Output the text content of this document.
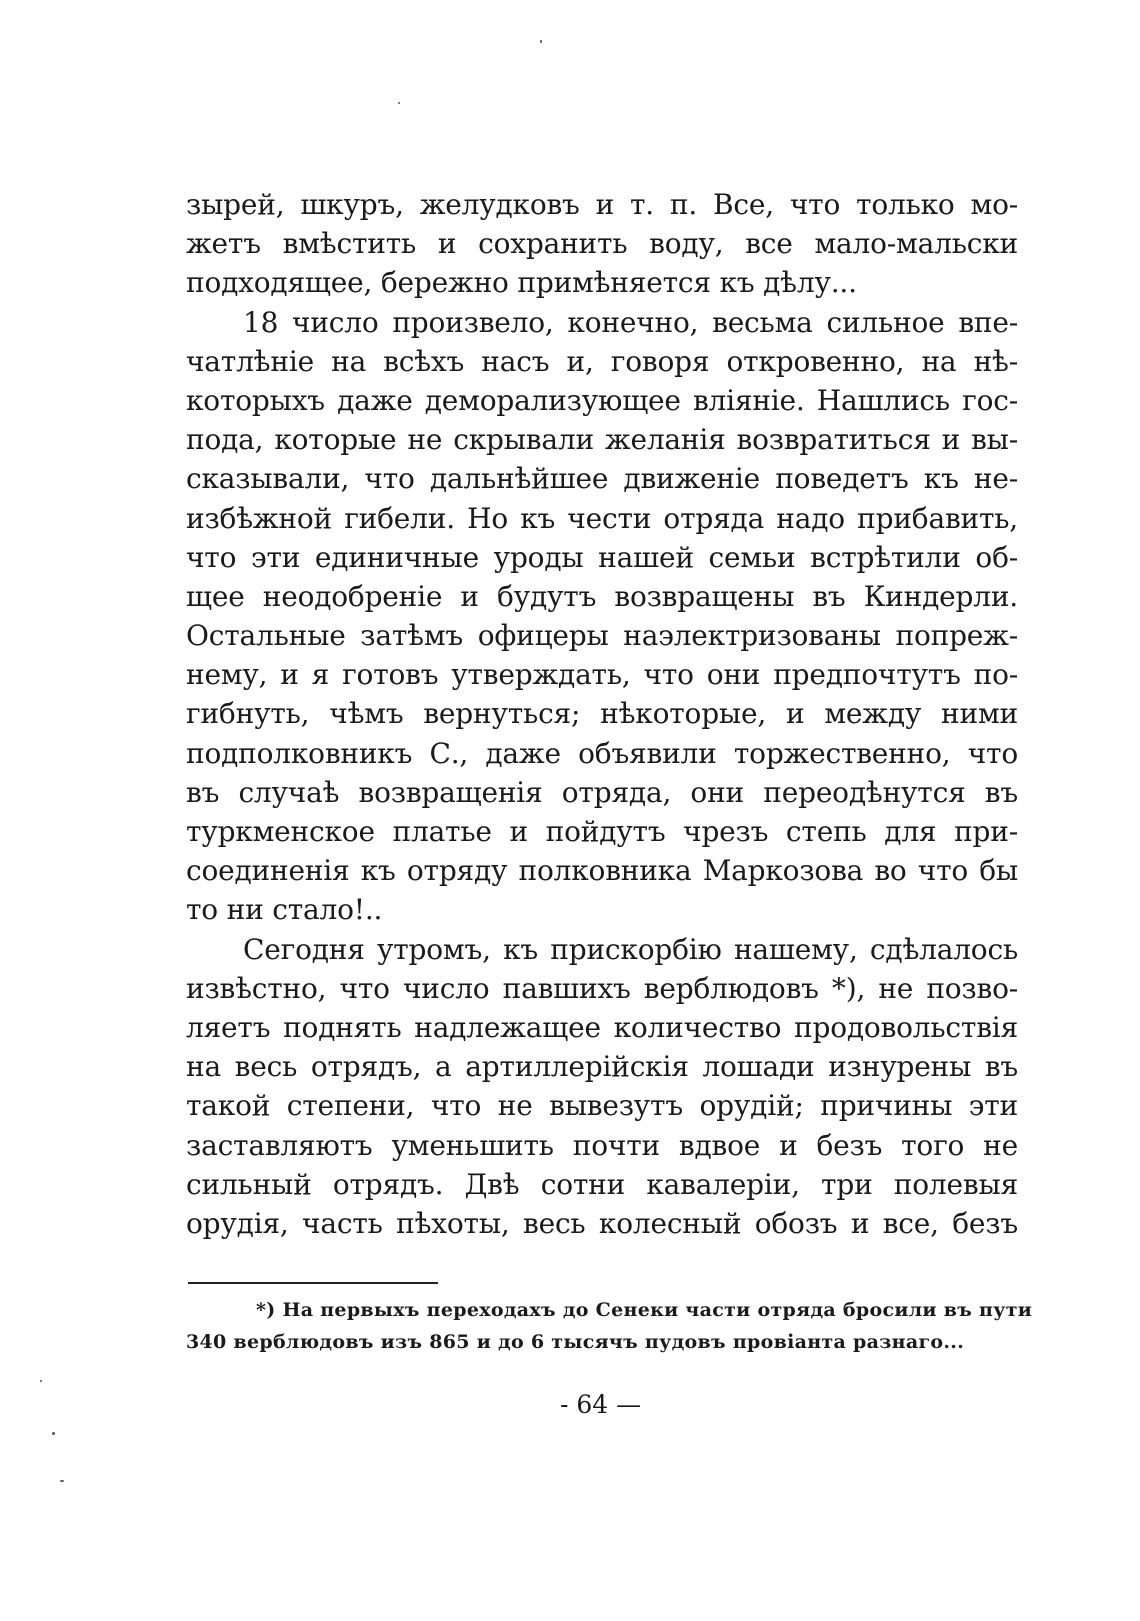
зырей, шкуръ, желудковъ и т. п. Все, что только мо-
жетъ вмѣстить и сохранить воду, все мало-мальски
подходящее, бережно примѣняется къ дѣлу...
18 число произвело, конечно, весьма сильное впе-
чатлѣніе на всѣхъ насъ и, говоря откровенно, на нѣ-
которыхъ даже деморализующее вліяніе. Нашлись гос-
пода, которые не скрывали желанія возвратиться и вы-
сказывали, что дальнѣйшее движеніе поведетъ къ не-
избѣжной гибели. Но къ чести отряда надо прибавить,
что эти единичные уроды нашей семьи встрѣтили об-
щее неодобреніе и будутъ возвращены въ Киндерли.
Остальные затѣмъ офицеры наэлектризованы попреж-
нему, и я готовъ утверждать, что они предпочтутъ по-
гибнуть, чѣмъ вернуться; нѣкоторые, и между ними
подполковникъ С., даже объявили торжественно, что
въ случаѣ возвращенія отряда, они переодѣнутся въ
туркменское платье и пойдутъ чрезъ степь для при-
соединенія къ отряду полковника Маркозова во что бы
то ни стало!..
Сегодня утромъ, къ прискорбію нашему, сдѣлалось
извѣстно, что число павшихъ верблюдовъ *), не позво-
ляетъ поднять надлежащее количество продовольствія
на весь отрядъ, а артиллерійскія лошади изнурены въ
такой степени, что не вывезутъ орудій; причины эти
заставляютъ уменьшить почти вдвое и безъ того не
сильный отрядъ. Двѣ сотни кавалеріи, три полевыя
орудія, часть пѣхоты, весь колесный обозъ и все, безъ
*) На первыхъ переходахъ до Сенеки части отряда бросили въ пути
340 верблюдовъ изъ 865 и до 6 тысячъ пудовъ провіанта разнаго...
- 64 —
